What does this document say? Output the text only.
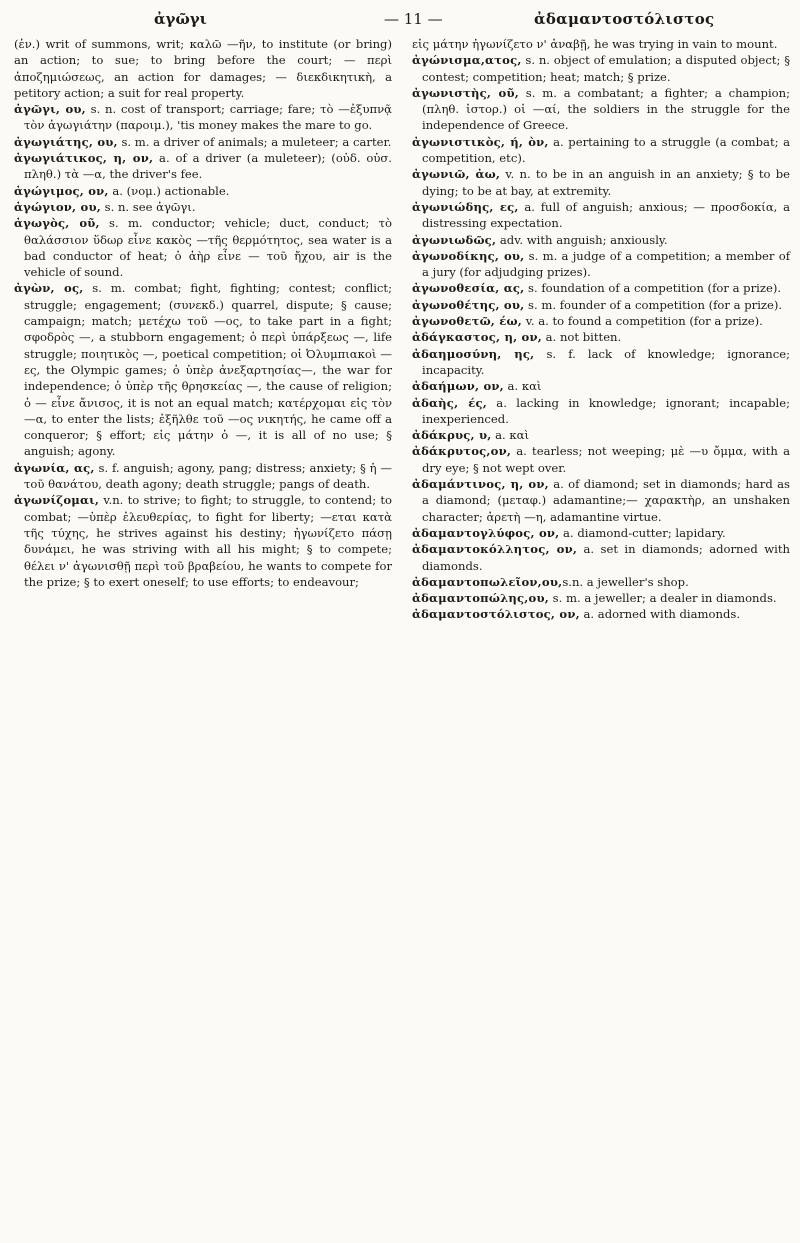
ἀγῶγι	— 11 —	ἀδαμαντοσ‌τόλιστος

(ἐν.) writ of summons, writ; καλῶ —ῆν, to institute (or bring) an action; to sue; to bring before the court; — περὶ ἀποζημιώσεως, an action for damages; — διεκδικητικὴ, a petitory action; a suit for real property.

ἀγῶγι, ου, s. n. cost of transport; carriage; fare; τὸ —ἐξυπνᾷ τὸν ἀγωγιάτην (παροιμ.), 'tis money makes the mare to go.

ἀγωγιάτης, ου, s. m. a driver of animals; a muleteer; a carter.

ἀγωγιάτικος, η, ον, a. of a driver (a muleteer); (οὐδ. οὐσ. πληθ.) τὰ —α, the driver's fee.

ἀγώγιμος, ον, a. (νομ.) actionable.

ἀγώγιον, ου, s. n. see ἀγῶγι.

ἀγωγὸς, οῦ, s. m. conductor; vehicle; duct, conduct; τὸ θαλάσσιον ὕδωρ εἶνε κακὸς —τῆς θερμότητος, sea water is a bad conductor of heat; ὁ ἀὴρ εἶνε — τοῦ ἤχου, air is the vehicle of sound.

ἀγὼν, ος, s. m. combat; fight, fighting; contest; conflict; struggle; engagement; (συνεκδ.) quarrel, dispute; § cause; campaign; match; μετέχω τοῦ —ος, to take part in a fight; σφοδρὸς —, a stubborn engagement; ὁ περὶ ὑπάρξεως —, life struggle; ποιητικὸς —, poetical competition; οἱ Ὀλυμπιακοὶ —ες, the Olympic games; ὁ ὑπὲρ ἀνεξαρτησίας—, the war for independence; ὁ ὑπὲρ τῆς θρησκείας —, the cause of religion; ὁ — εἶνε ἄνισος, it is not an equal match; κατέρχομαι εἰς τὸν —α, to enter the lists; ἐξῆλθε τοῦ —ος νικητής, he came off a conqueror; § effort; εἰς μάτην ὁ —, it is all of no use; § anguish; agony.

ἀγωνία, ας, s. f. anguish; agony, pang; distress; anxiety; § ἡ — τοῦ θανάτου, death agony; death struggle; pangs of death.

ἀγωνίζομαι, v.n. to strive; to fight; to struggle, to contend; to combat; —ὑπὲρ ἐλευθερίας, to fight for liberty; —εται κατὰ τῆς τύχης, he strives against his destiny; ἠγωνίζετο πάσῃ δυνάμει, he was striving with all his might; § to compete; θέλει ν' ἀγωνισθῇ περὶ τοῦ βραβείου, he wants to compete for the prize; § to exert oneself; to use efforts; to endeavour;

εἰς μάτην ἠγωνίζετο ν' ἀναβῇ, he was trying in vain to mount.

ἀγώνισμα,ατος, s. n. object of emulation; a disputed object; § contest; competition; heat; match; § prize.

ἀγωνιστὴς, οῦ, s. m. a combatant; a fighter; a champion; (πληθ. ἱστορ.) οἱ —αί, the soldiers in the struggle for the independence of Greece.

ἀγωνιστικὸς, ή, ὸν, a. pertaining to a struggle (a combat; a competition, etc).

ἀγωνιῶ, ἀω, v. n. to be in an anguish in an anxiety; § to be dying; to be at bay, at extremity.

ἀγωνιώδης, ες, a. full of anguish; anxious; — προσδοκία, a distressing expectation.

ἀγωνιωδῶς, adv. with anguish; anxiously.

ἀγωνοδίκης, ου, s. m. a judge of a competition; a member of a jury (for adjudging prizes).

ἀγωνοθεσία, ας, s. foundation of a competition (for a prize).

ἀγωνοθέτης, ου, s. m. founder of a competition (for a prize).

ἀγωνοθετῶ, έω, v. a. to found a competition (for a prize).

ἀδάγκαστος, η, ον, a. not bitten.

ἀδαημοσύνη, ης, s. f. lack of knowledge; ignorance; incapacity.

ἀδαήμων, ον, a. καὶ

ἀδαὴς, ές, a. lacking in knowledge; ignorant; incapable; inexperienced.

ἀδάκρυς, υ, a. καὶ

ἀδάκρυτος,ον, a. tearless; not weeping; μὲ —υ ὄμμα, with a dry eye; § not wept over.

ἀδαμάντινος, η, ον, a. of diamond; set in diamonds; hard as a diamond; (μεταφ.) adamantine;— χαρακτὴρ, an unshaken character; ἀρετὴ —η, adamantine virtue.

ἀδαμαντογλύφος, ον, a. diamond-cutter; lapidary.

ἀδαμαντοκόλλητος, ον, a. set in diamonds; adorned with diamonds.

ἀδαμαντοπωλεῖον,ου,s.n. a jeweller's shop.

ἀδαμαντοπώλης,ου, s. m. a jeweller; a dealer in diamonds.

ἀδαμαντοσ‌τόλιστος, ον, a. adorned with diamonds.
